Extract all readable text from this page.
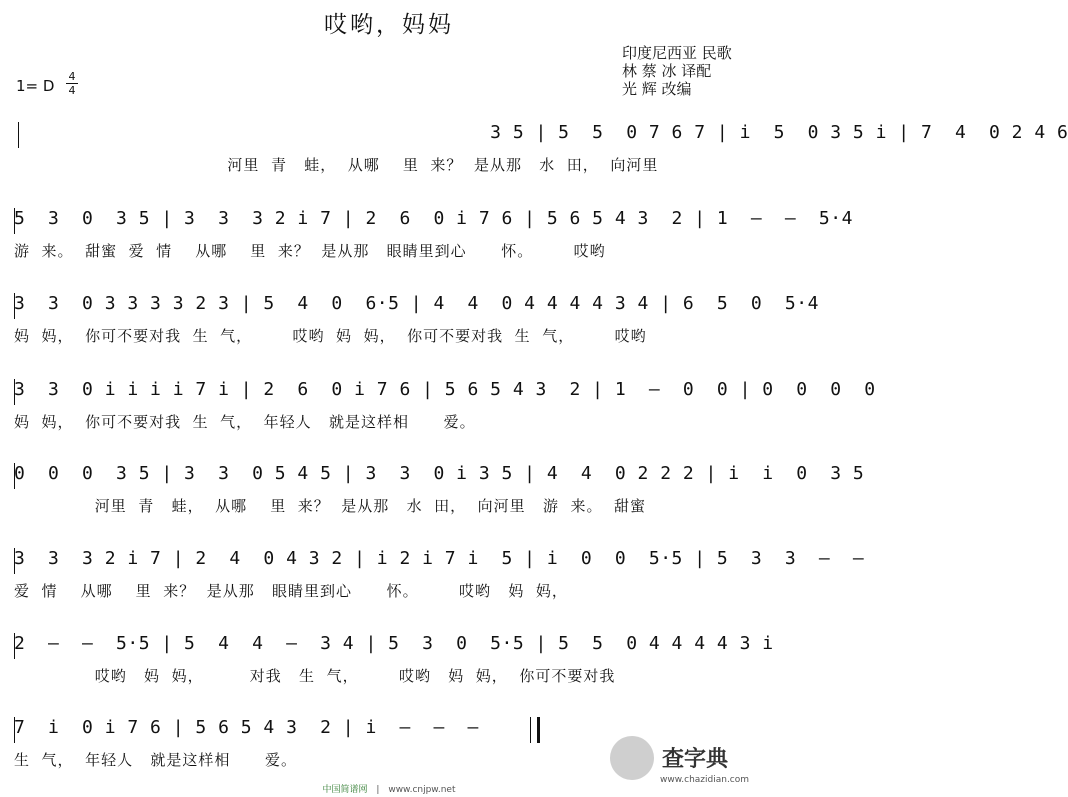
哎哟，妈妈
印度尼西亚 民歌
林 蔡 冰 译配
光 辉 改编
1= D
4
4
3 5 | 5  5  0 7 6 7 | i  5  0 3 5 i | 7  4  0 2 4 6
河里  青   蛙，  从哪    里  来？  是从那   水  田，  向河里
5  3  0  3 5 | 3  3  3 2 i 7 | 2  6  0 i 7 6 | 5 6 5 4 3  2 | 1  —  —  5·4
游  来。  甜蜜  爱  情    从哪    里  来？  是从那   眼睛里到心      怀。       哎哟
3  3  0 3 3 3 3 2 3 | 5  4  0  6·5 | 4  4  0 4 4 4 4 3 4 | 6  5  0  5·4
妈  妈，  你可不要对我  生  气，       哎哟  妈  妈，  你可不要对我  生  气，       哎哟
3  3  0 i i i i 7 i | 2  6  0 i 7 6 | 5 6 5 4 3  2 | 1  —  0  0 | 0  0  0  0
妈  妈，  你可不要对我  生  气，  年轻人   就是这样相      爱。
0  0  0  3 5 | 3  3  0 5 4 5 | 3  3  0 i 3 5 | 4  4  0 2 2 2 | i  i  0  3 5
河里  青   蛙，  从哪    里  来？  是从那   水  田，  向河里   游  来。  甜蜜
3  3  3 2 i 7 | 2  4  0 4 3 2 | i 2 i 7 i  5 | i  0  0  5·5 | 5  3  3  —  —
爱  情    从哪    里  来？  是从那   眼睛里到心      怀。       哎哟   妈  妈，
2  —  —  5·5 | 5  4  4  —  3 4 | 5  3  0  5·5 | 5  5  0 4 4 4 4 3 i
哎哟   妈  妈，        对我   生  气，       哎哟   妈  妈，  你可不要对我
7  i  0 i 7 6 | 5 6 5 4 3  2 | i  —  —  —
生  气，  年轻人   就是这样相      爱。	查字典
www.chazidian.com
中国简谱网 | www.cnjpw.net
